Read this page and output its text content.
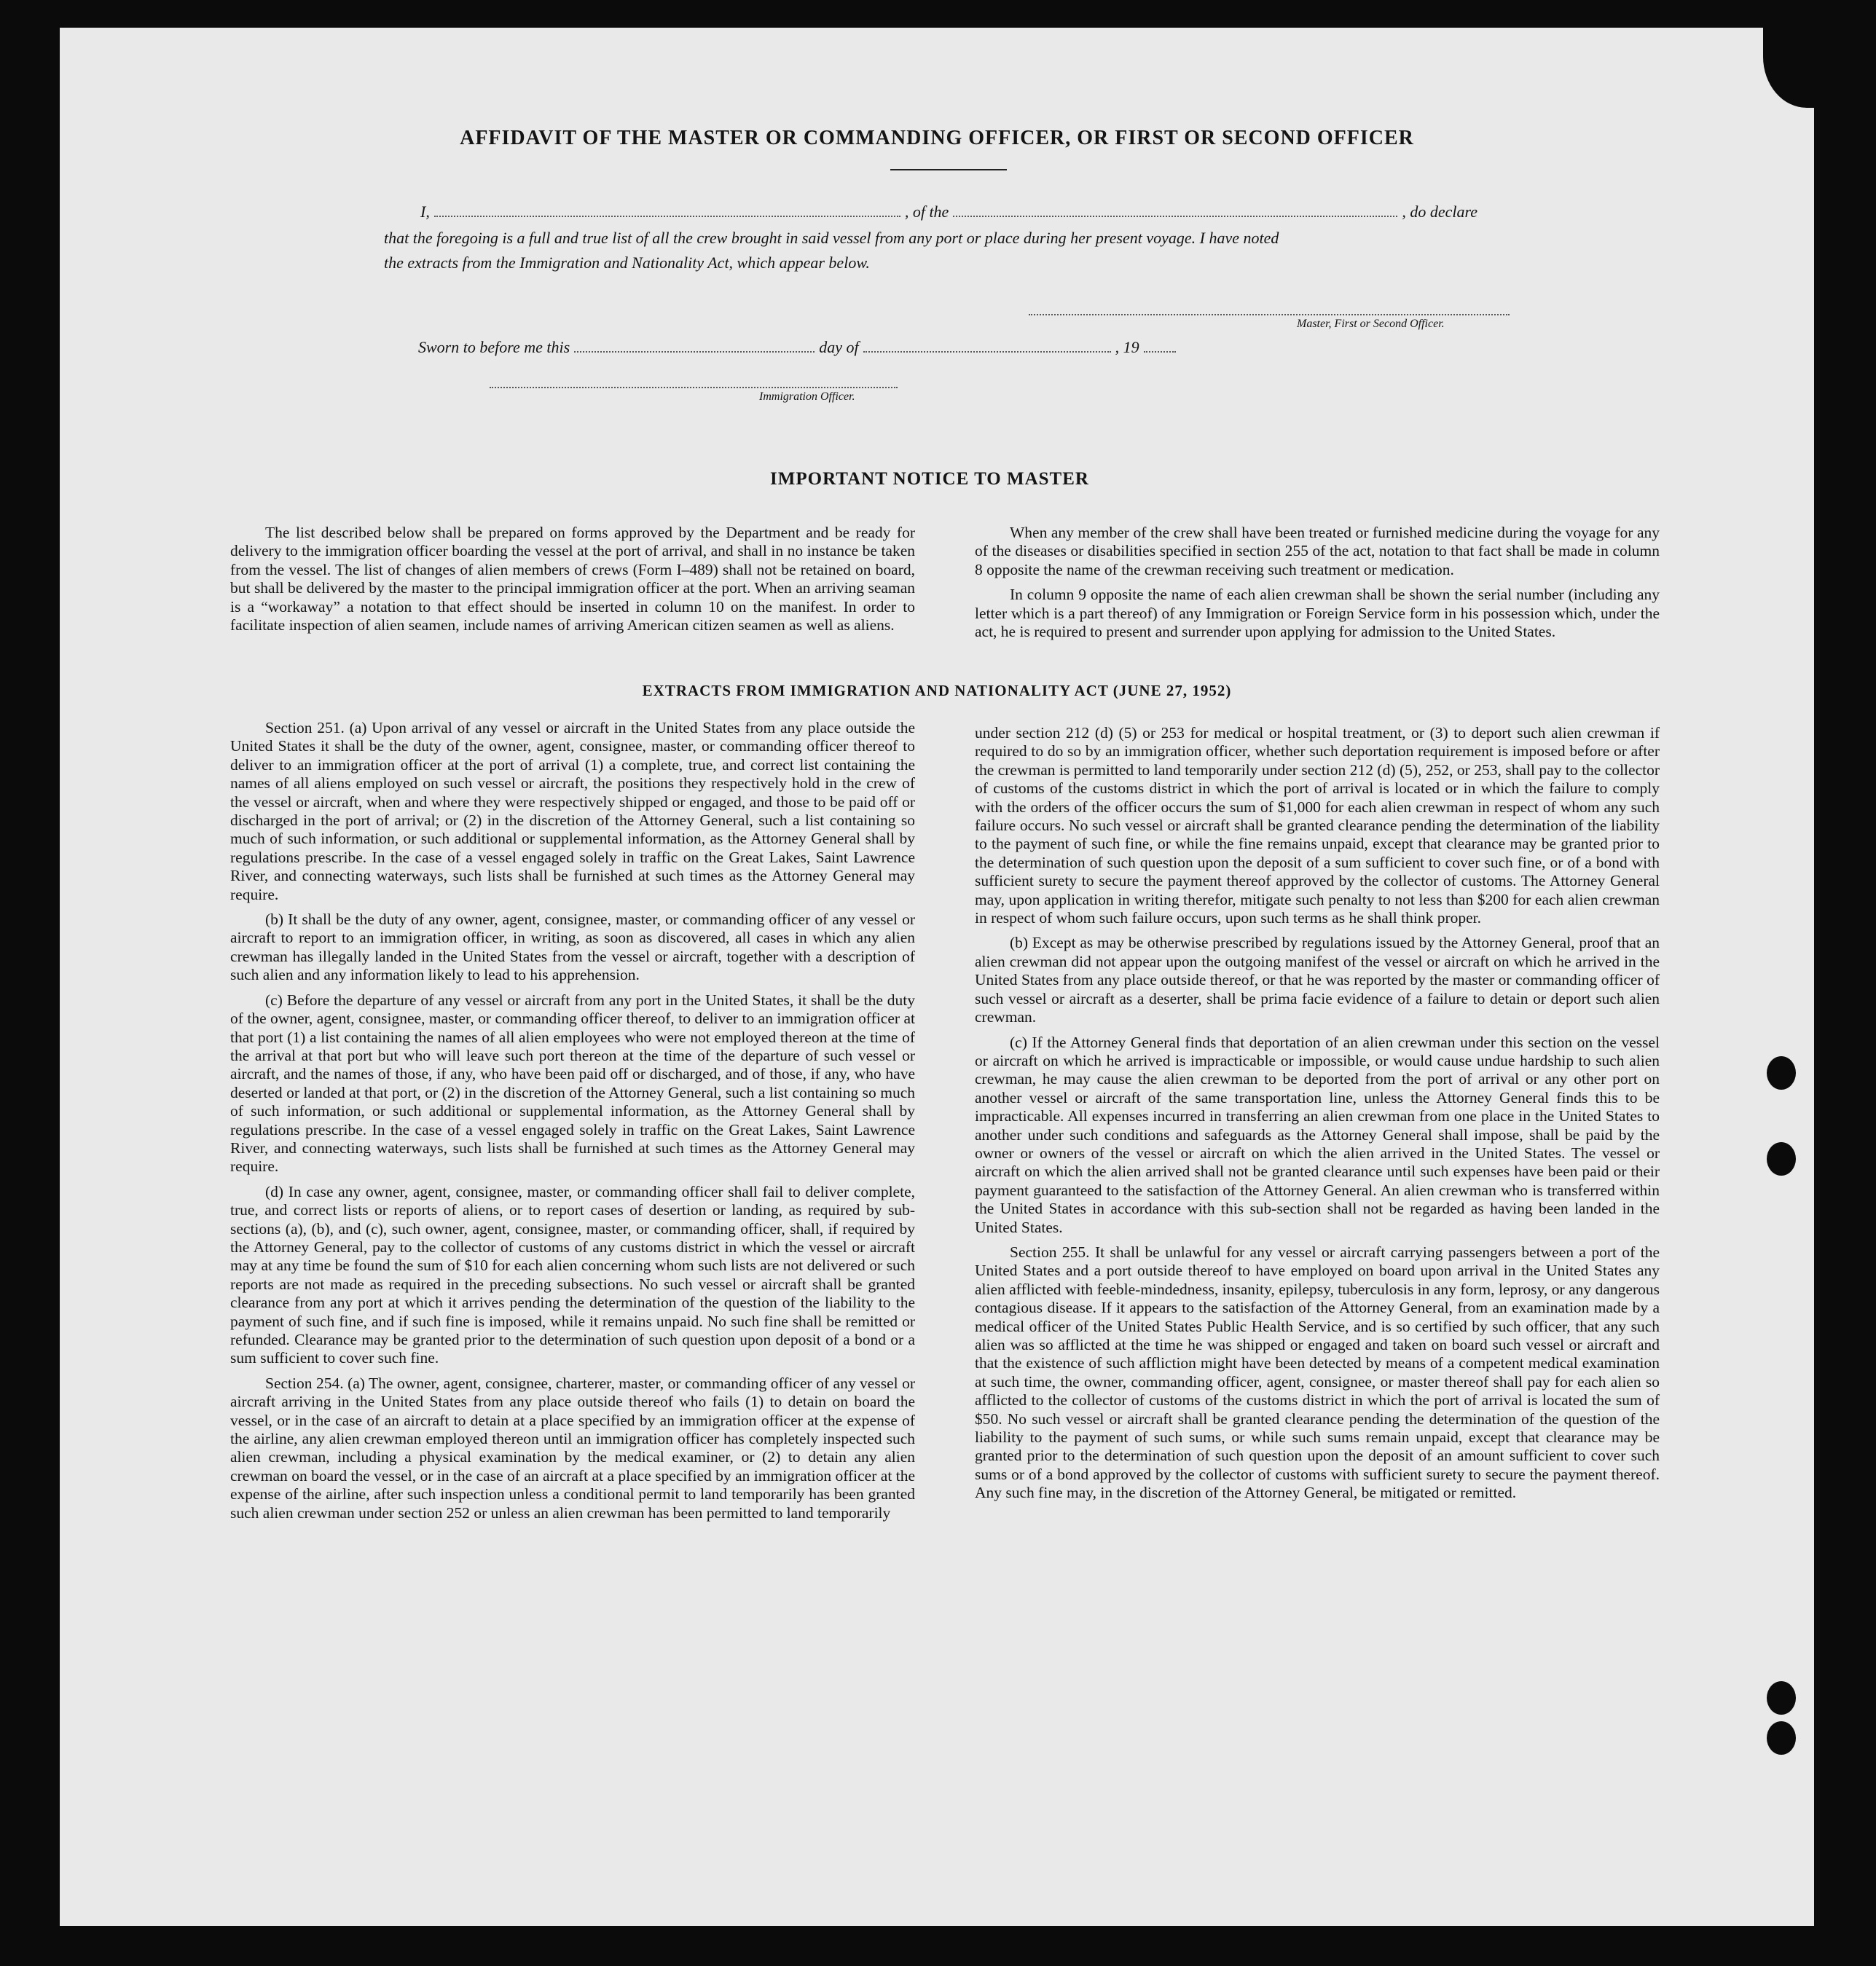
AFFIDAVIT OF THE MASTER OR COMMANDING OFFICER, OR FIRST OR SECOND OFFICER
I,	, of the	, do declare
that the foregoing is a full and true list of all the crew brought in said vessel from any port or place during her present voyage. I have noted
the extracts from the Immigration and Nationality Act, which appear below.
Master, First or Second Officer.
Sworn to before me this	day of	, 19
Immigration Officer.
IMPORTANT NOTICE TO MASTER

The list described below shall be prepared on forms approved by the Department and be ready for delivery to the immigration officer boarding the vessel at the port of arrival, and shall in no instance be taken from the vessel. The list of changes of alien members of crews (Form I–489) shall not be retained on board, but shall be delivered by the master to the principal immigration officer at the port. When an arriving seaman is a “workaway” a notation to that effect should be inserted in column 10 on the manifest. In order to facilitate inspection of alien seamen, include names of arriving American citizen seamen as well as aliens.

When any member of the crew shall have been treated or furnished medicine during the voyage for any of the diseases or disabilities specified in section 255 of the act, notation to that fact shall be made in column 8 opposite the name of the crewman receiving such treatment or medication.

In column 9 opposite the name of each alien crewman shall be shown the serial number (including any letter which is a part thereof) of any Immigration or Foreign Service form in his possession which, under the act, he is required to present and surrender upon applying for admission to the United States.

EXTRACTS FROM IMMIGRATION AND NATIONALITY ACT (JUNE 27, 1952)

Section 251. (a) Upon arrival of any vessel or aircraft in the United States from any place outside the United States it shall be the duty of the owner, agent, consignee, master, or commanding officer thereof to deliver to an immigration officer at the port of arrival (1) a complete, true, and correct list containing the names of all aliens employed on such vessel or aircraft, the positions they respectively hold in the crew of the vessel or aircraft, when and where they were respectively shipped or engaged, and those to be paid off or discharged in the port of arrival; or (2) in the discretion of the Attorney General, such a list containing so much of such information, or such additional or supplemental information, as the Attorney General shall by regulations prescribe. In the case of a vessel engaged solely in traffic on the Great Lakes, Saint Lawrence River, and connecting waterways, such lists shall be furnished at such times as the Attorney General may require.

(b) It shall be the duty of any owner, agent, consignee, master, or commanding officer of any vessel or aircraft to report to an immigration officer, in writing, as soon as discovered, all cases in which any alien crewman has illegally landed in the United States from the vessel or aircraft, together with a description of such alien and any information likely to lead to his apprehension.

(c) Before the departure of any vessel or aircraft from any port in the United States, it shall be the duty of the owner, agent, consignee, master, or commanding officer thereof, to deliver to an immigration officer at that port (1) a list containing the names of all alien employees who were not employed thereon at the time of the arrival at that port but who will leave such port thereon at the time of the departure of such vessel or aircraft, and the names of those, if any, who have been paid off or discharged, and of those, if any, who have deserted or landed at that port, or (2) in the discretion of the Attorney General, such a list containing so much of such information, or such additional or supplemental information, as the Attorney General shall by regulations prescribe. In the case of a vessel engaged solely in traffic on the Great Lakes, Saint Lawrence River, and connecting waterways, such lists shall be furnished at such times as the Attorney General may require.

(d) In case any owner, agent, consignee, master, or commanding officer shall fail to deliver complete, true, and correct lists or reports of aliens, or to report cases of desertion or landing, as required by sub-sections (a), (b), and (c), such owner, agent, consignee, master, or commanding officer, shall, if required by the Attorney General, pay to the collector of customs of any customs district in which the vessel or aircraft may at any time be found the sum of $10 for each alien concerning whom such lists are not delivered or such reports are not made as required in the preceding subsections. No such vessel or aircraft shall be granted clearance from any port at which it arrives pending the determination of the question of the liability to the payment of such fine, and if such fine is imposed, while it remains unpaid. No such fine shall be remitted or refunded. Clearance may be granted prior to the determination of such question upon deposit of a bond or a sum sufficient to cover such fine.

Section 254. (a) The owner, agent, consignee, charterer, master, or commanding officer of any vessel or aircraft arriving in the United States from any place outside thereof who fails (1) to detain on board the vessel, or in the case of an aircraft to detain at a place specified by an immigration officer at the expense of the airline, any alien crewman employed thereon until an immigration officer has completely inspected such alien crewman, including a physical examination by the medical examiner, or (2) to detain any alien crewman on board the vessel, or in the case of an aircraft at a place specified by an immigration officer at the expense of the airline, after such inspection unless a conditional permit to land temporarily has been granted such alien crewman under section 252 or unless an alien crewman has been permitted to land temporarily

under section 212 (d) (5) or 253 for medical or hospital treatment, or (3) to deport such alien crewman if required to do so by an immigration officer, whether such deportation requirement is imposed before or after the crewman is permitted to land temporarily under section 212 (d) (5), 252, or 253, shall pay to the collector of customs of the customs district in which the port of arrival is located or in which the failure to comply with the orders of the officer occurs the sum of $1,000 for each alien crewman in respect of whom any such failure occurs. No such vessel or aircraft shall be granted clearance pending the determination of the liability to the payment of such fine, or while the fine remains unpaid, except that clearance may be granted prior to the determination of such question upon the deposit of a sum sufficient to cover such fine, or of a bond with sufficient surety to secure the payment thereof approved by the collector of customs. The Attorney General may, upon application in writing therefor, mitigate such penalty to not less than $200 for each alien crewman in respect of whom such failure occurs, upon such terms as he shall think proper.

(b) Except as may be otherwise prescribed by regulations issued by the Attorney General, proof that an alien crewman did not appear upon the outgoing manifest of the vessel or aircraft on which he arrived in the United States from any place outside thereof, or that he was reported by the master or commanding officer of such vessel or aircraft as a deserter, shall be prima facie evidence of a failure to detain or deport such alien crewman.

(c) If the Attorney General finds that deportation of an alien crewman under this section on the vessel or aircraft on which he arrived is impracticable or impossible, or would cause undue hardship to such alien crewman, he may cause the alien crewman to be deported from the port of arrival or any other port on another vessel or aircraft of the same transportation line, unless the Attorney General finds this to be impracticable. All expenses incurred in transferring an alien crewman from one place in the United States to another under such conditions and safeguards as the Attorney General shall impose, shall be paid by the owner or owners of the vessel or aircraft on which the alien arrived in the United States. The vessel or aircraft on which the alien arrived shall not be granted clearance until such expenses have been paid or their payment guaranteed to the satisfaction of the Attorney General. An alien crewman who is transferred within the United States in accordance with this sub-section shall not be regarded as having been landed in the United States.

Section 255. It shall be unlawful for any vessel or aircraft carrying passengers between a port of the United States and a port outside thereof to have employed on board upon arrival in the United States any alien afflicted with feeble-mindedness, insanity, epilepsy, tuberculosis in any form, leprosy, or any dangerous contagious disease. If it appears to the satisfaction of the Attorney General, from an examination made by a medical officer of the United States Public Health Service, and is so certified by such officer, that any such alien was so afflicted at the time he was shipped or engaged and taken on board such vessel or aircraft and that the existence of such affliction might have been detected by means of a competent medical examination at such time, the owner, commanding officer, agent, consignee, or master thereof shall pay for each alien so afflicted to the collector of customs of the customs district in which the port of arrival is located the sum of $50. No such vessel or aircraft shall be granted clearance pending the determination of the question of the liability to the payment of such sums, or while such sums remain unpaid, except that clearance may be granted prior to the determination of such question upon the deposit of an amount sufficient to cover such sums or of a bond approved by the collector of customs with sufficient surety to secure the payment thereof. Any such fine may, in the discretion of the Attorney General, be mitigated or remitted.
